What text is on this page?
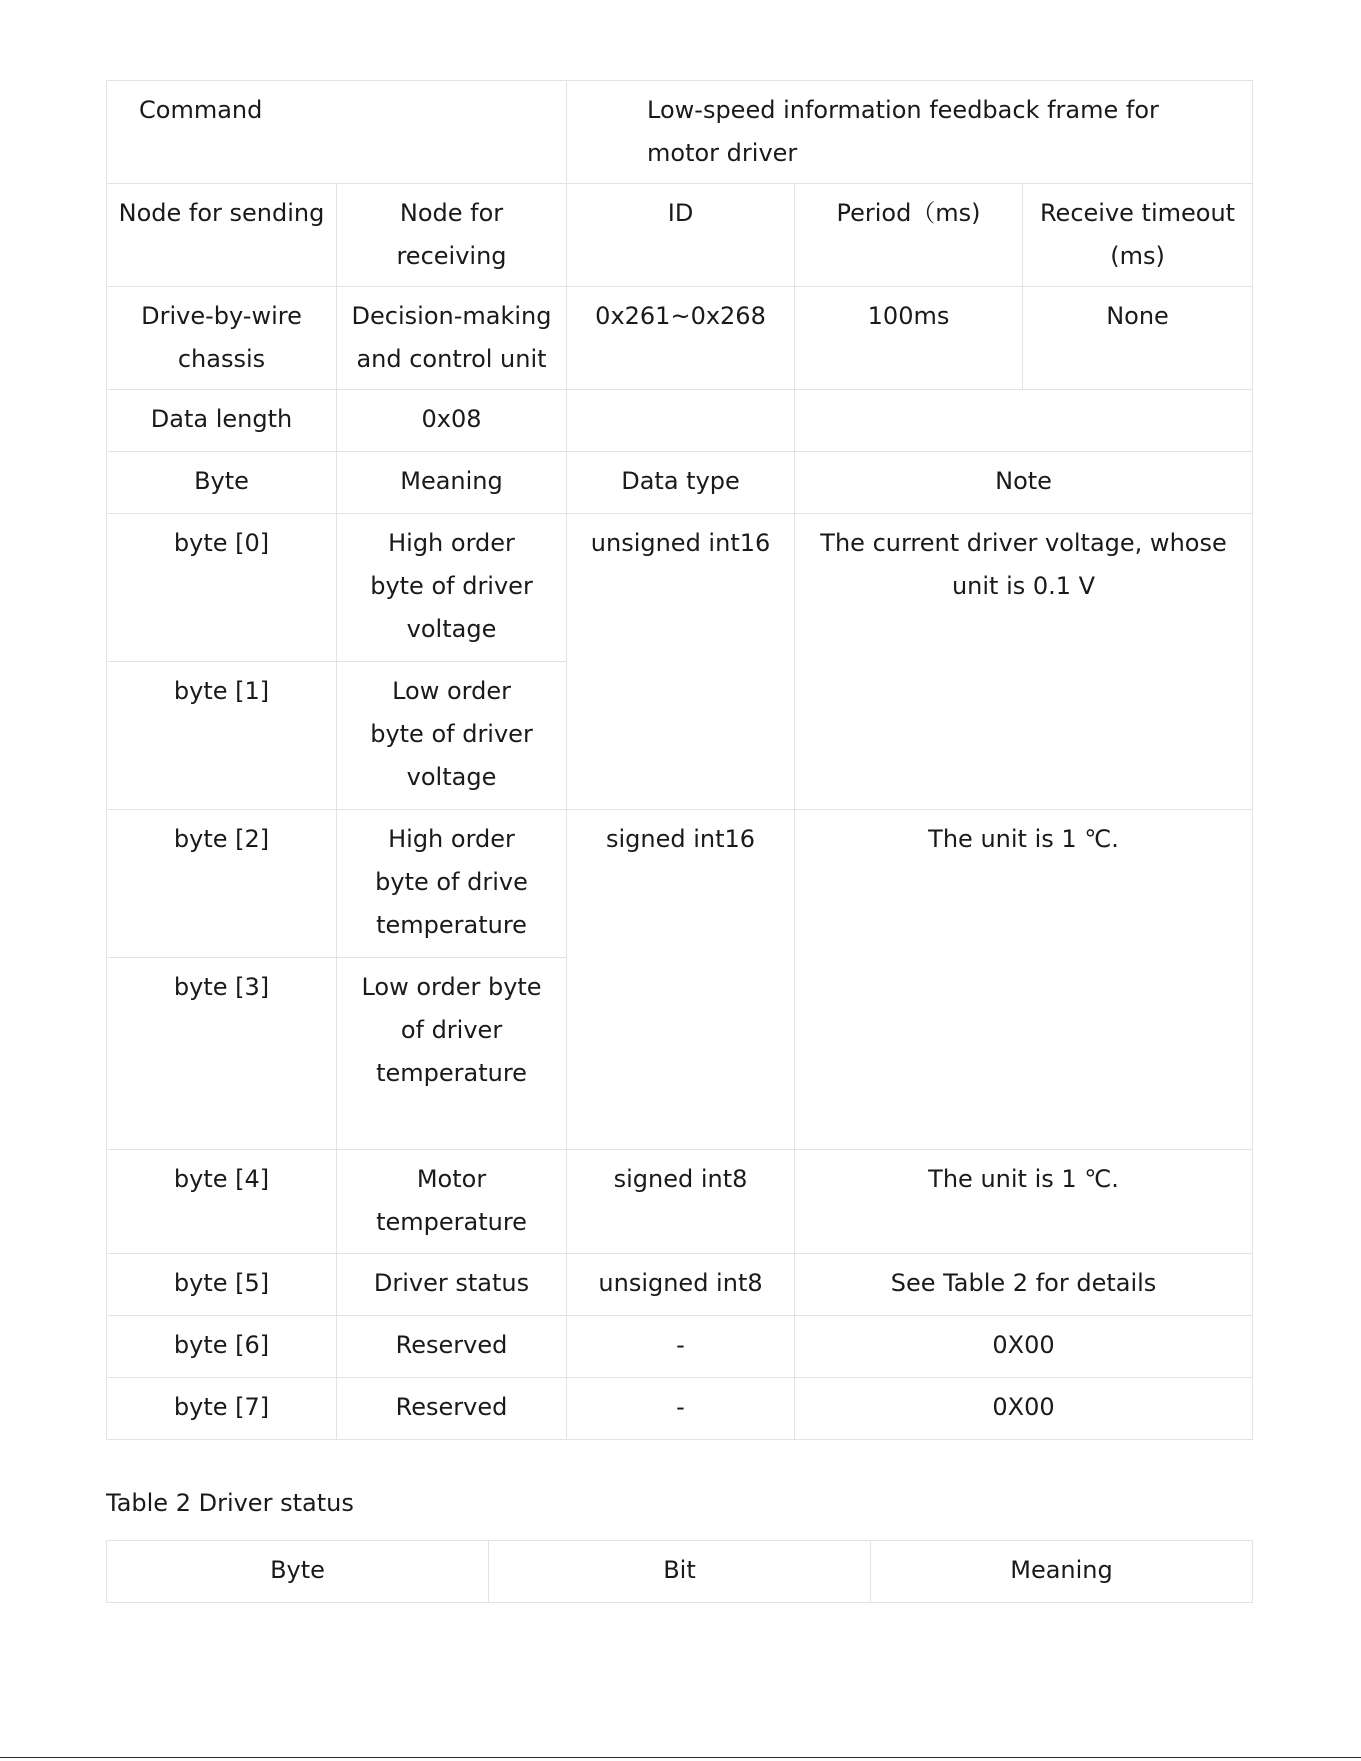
Command		Low-speed information feedback frame for motor driver		
Node for sending	Node for receiving	ID	Period（ms)	Receive timeout (ms)
Drive-by-wire chassis	Decision-making and control unit	0x261~0x268	100ms	None
Data length	0x08			
Byte	Meaning	Data type	Note	
byte [0]	High order byte of driver voltage	unsigned int16	The current driver voltage, whose unit is 0.1 V	
byte [1]	Low order byte of driver voltage			
byte [2]	High order byte of drive temperature	signed int16	The unit is 1 ℃.	
byte [3]	Low order byte of driver temperature			
byte [4]	Motor temperature	signed int8	The unit is 1 ℃.	
byte [5]	Driver status	unsigned int8	See Table 2 for details	
byte [6]	Reserved	-	0X00	
byte [7]	Reserved	-	0X00	
Table 2 Driver status
Byte	Bit	Meaning
